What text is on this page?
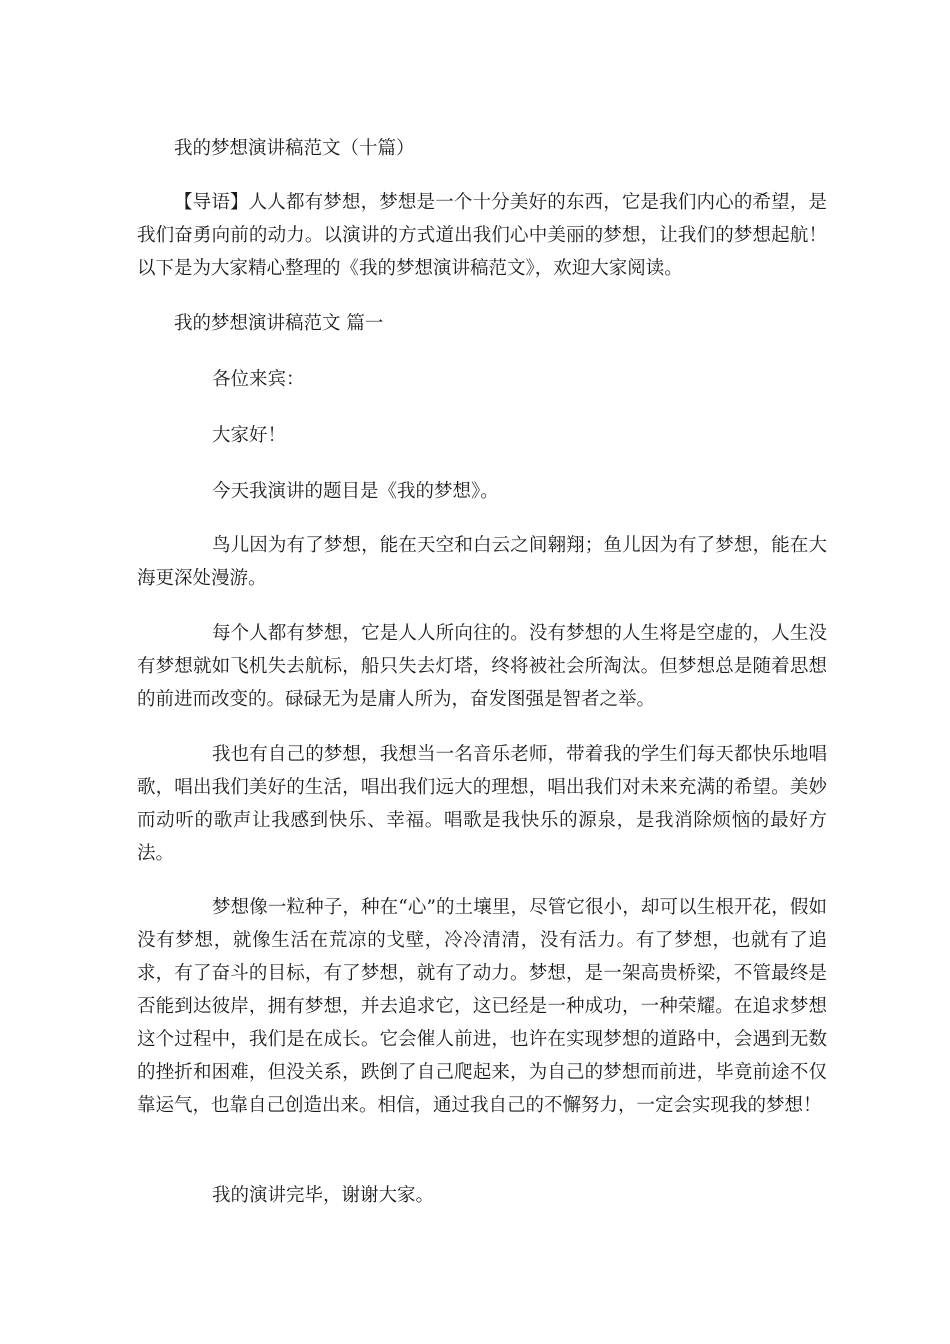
我的梦想演讲稿范文（十篇）

【导语】人人都有梦想，梦想是一个十分美好的东西，它是我们内心的希望，是我们奋勇向前的动力。以演讲的方式道出我们心中美丽的梦想，让我们的梦想起航！以下是为大家精心整理的《我的梦想演讲稿范文》，欢迎大家阅读。

我的梦想演讲稿范文 篇一

各位来宾：

大家好！

今天我演讲的题目是《我的梦想》。

鸟儿因为有了梦想，能在天空和白云之间翱翔；鱼儿因为有了梦想，能在大海更深处漫游。

每个人都有梦想，它是人人所向往的。没有梦想的人生将是空虚的，人生没有梦想就如飞机失去航标，船只失去灯塔，终将被社会所淘汰。但梦想总是随着思想的前进而改变的。碌碌无为是庸人所为，奋发图强是智者之举。

我也有自己的梦想，我想当一名音乐老师，带着我的学生们每天都快乐地唱歌，唱出我们美好的生活，唱出我们远大的理想，唱出我们对未来充满的希望。美妙而动听的歌声让我感到快乐、幸福。唱歌是我快乐的源泉，是我消除烦恼的最好方法。

梦想像一粒种子，种在“心”的土壤里，尽管它很小，却可以生根开花，假如没有梦想，就像生活在荒凉的戈壁，冷冷清清，没有活力。有了梦想，也就有了追求，有了奋斗的目标，有了梦想，就有了动力。梦想，是一架高贵桥梁，不管最终是否能到达彼岸，拥有梦想，并去追求它，这已经是一种成功，一种荣耀。在追求梦想这个过程中，我们是在成长。它会催人前进，也许在实现梦想的道路中，会遇到无数的挫折和困难，但没关系，跌倒了自己爬起来，为自己的梦想而前进，毕竟前途不仅靠运气，也靠自己创造出来。相信，通过我自己的不懈努力，一定会实现我的梦想！

我的演讲完毕，谢谢大家。
